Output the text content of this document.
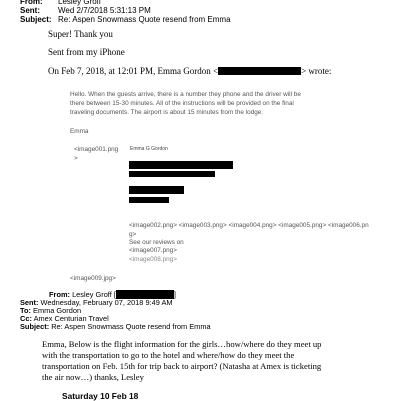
From: Lesley Groff
Sent: Wed 2/7/2018 5:31:13 PM
Subject: Re: Aspen Snowmass Quote resend from Emma
Super! Thank you
Sent from my iPhone
On Feb 7, 2018, at 12:01 PM, Emma Gordon <	> wrote:
Hello. When the guests arrive, there is a number they phone and the driver will be
there between 15-30 minutes. All of the instructions will be provided on the final
traveling documents. The airport is about 15 minutes from the lodge.
Emma
<image001.png
>
Emma G Gordon
<image002.png> <image003.png> <image004.png> <image005.png> <image006.pn
g>
See our reviews on
<image007.png>
<image008.png>
<image009.jpg>
From: Lesley Groff [	]
Sent: Wednesday, February 07, 2018 9:49 AM
To: Emma Gordon
Cc: Amex Centurian Travel
Subject: Re: Aspen Snowmass Quote resend from Emma
Emma, Below is the flight information for the girls…how/where do they meet up
with the transportation to go to the hotel and where/how do they meet the
transportation on Feb. 15th for trip back to airport? (Natasha at Amex is ticketing
the air now…) thanks, Lesley
Saturday 10 Feb 18
